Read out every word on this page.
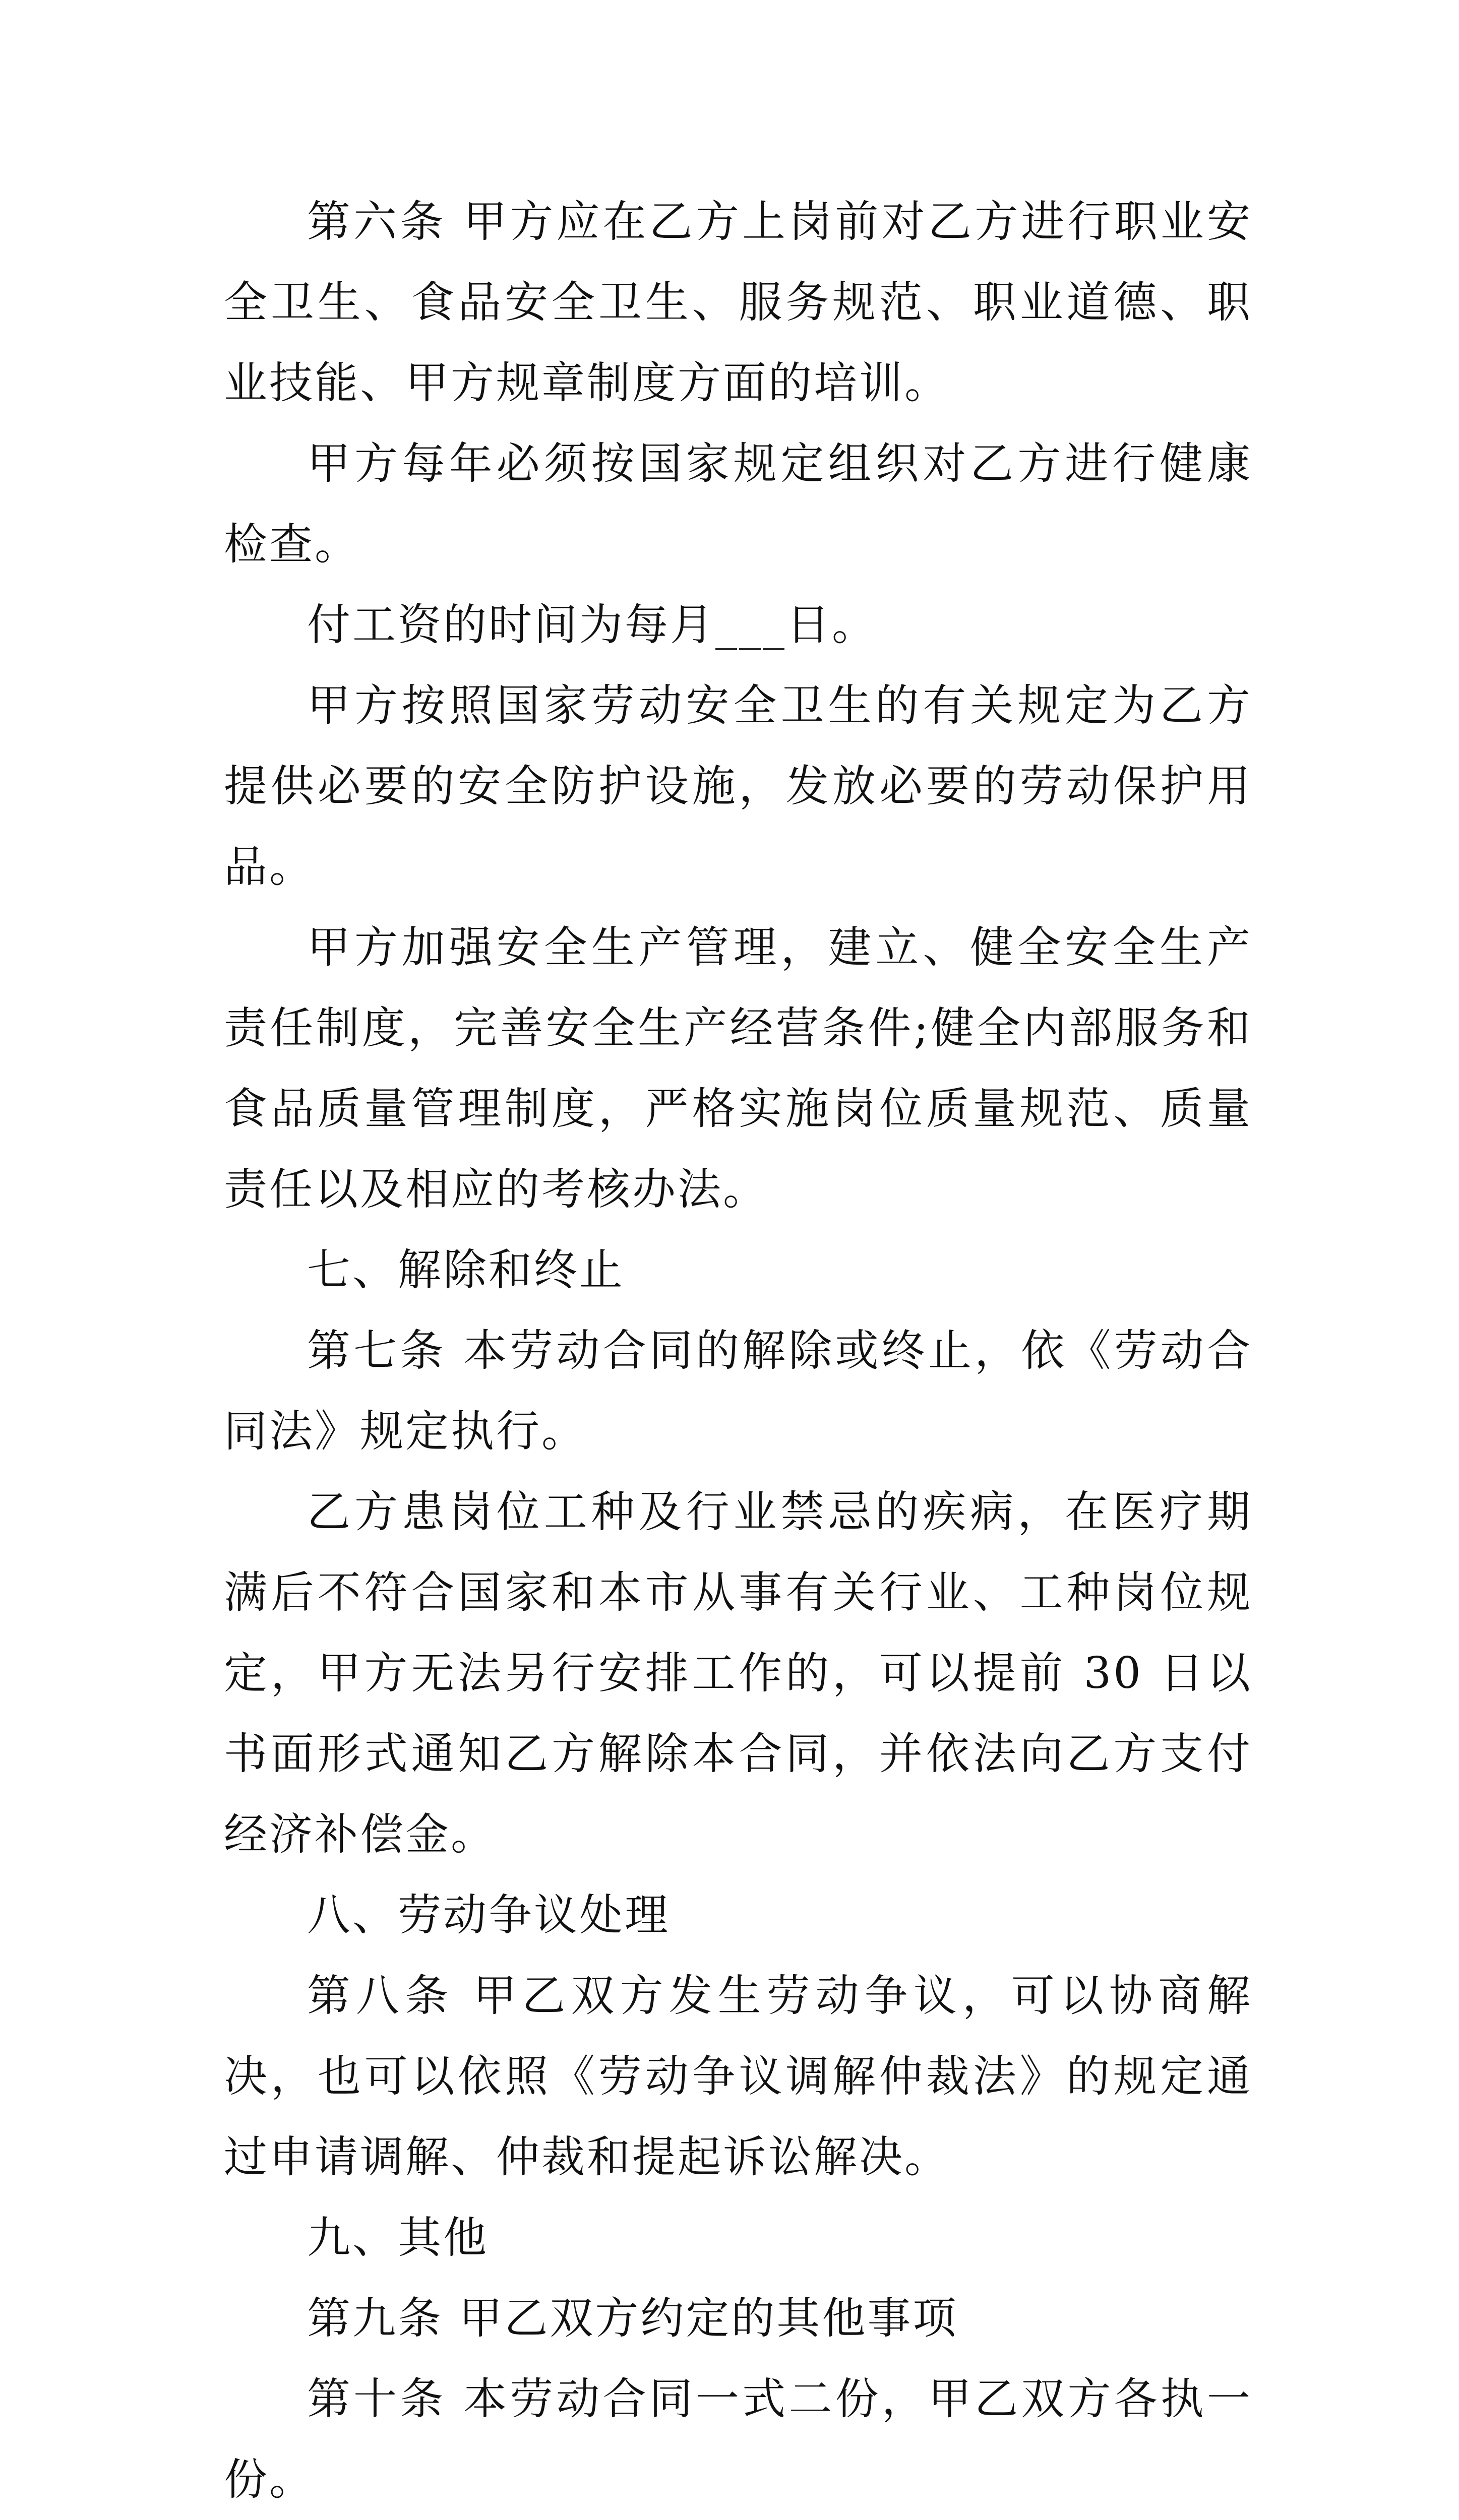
第六条 甲方应在乙方上岗前对乙方进行职业安全卫生、食品安全卫生、服务规范、职业道德、职业技能、甲方规章制度方面的培训。

甲方每年必须按国家规定组织对乙方进行健康检查。

付工资的时间为每月___日。

甲方按照国家劳动安全卫生的有关规定为乙方提供必要的安全防护设施，发放必要的劳动保护用品。

甲方加强安全生产管理，建立、健全安全生产责任制度，完善安全生产经营条件;健全内部服务和食品质量管理制度，严格实施岗位质量规范、质量责任以及相应的考核办法。

七、解除和终止

第七条 本劳动合同的解除或终止，依《劳动合同法》规定执行。

乙方患岗位工种及行业禁忌的疾病，在医疗期满后不符合国家和本市从事有关行业、工种岗位规定，甲方无法另行安排工作的，可以提前 30 日以书面形式通知乙方解除本合同，并依法向乙方支付经济补偿金。

八、劳动争议处理

第八条 甲乙双方发生劳动争议，可以协商解决，也可以依照《劳动争议调解仲裁法》的规定通过申请调解、仲裁和提起诉讼解决。

九、其他

第九条 甲乙双方约定的其他事项

第十条 本劳动合同一式二份，甲乙双方各执一份。
